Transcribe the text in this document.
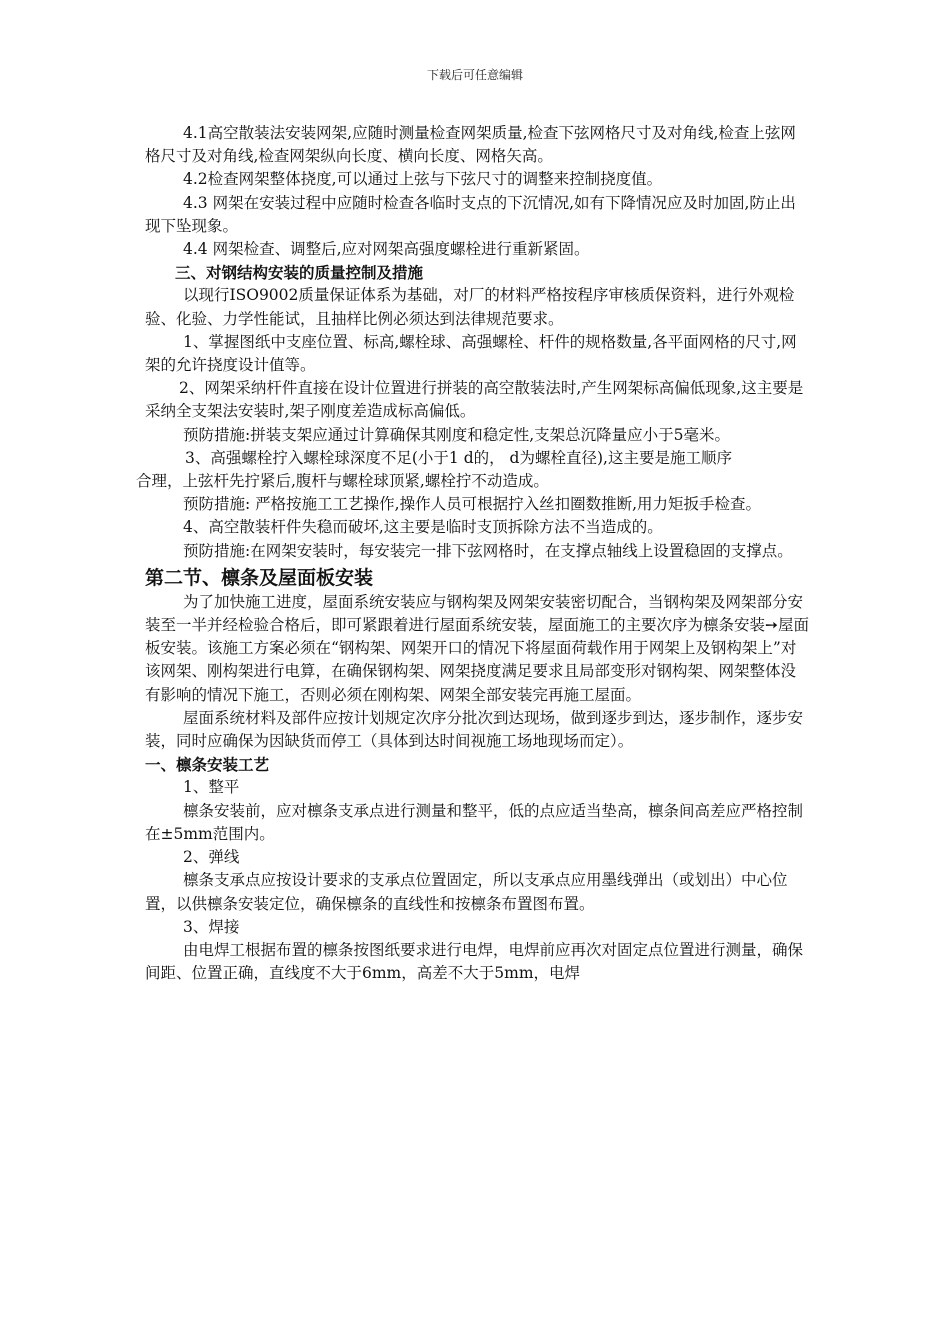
下载后可任意编辑

4.1高空散装法安装网架,应随时测量检查网架质量,检查下弦网格尺寸及对角线,检查上弦网格尺寸及对角线,检查网架纵向长度、横向长度、网格矢高。

4.2检查网架整体挠度,可以通过上弦与下弦尺寸的调整来控制挠度值。

4.3 网架在安装过程中应随时检查各临时支点的下沉情况,如有下降情况应及时加固,防止出现下坠现象。

4.4 网架检查、调整后,应对网架高强度螺栓进行重新紧固。

三、对钢结构安装的质量控制及措施

以现行ISO9002质量保证体系为基础，对厂的材料严格按程序审核质保资料，进行外观检验、化验、力学性能试，且抽样比例必须达到法律规范要求。

1、掌握图纸中支座位置、标高,螺栓球、高强螺栓、杆件的规格数量,各平面网格的尺寸,网架的允许挠度设计值等。

2、网架采纳杆件直接在设计位置进行拼装的高空散装法时,产生网架标高偏低现象,这主要是采纳全支架法安装时,架子刚度差造成标高偏低。

预防措施:拼装支架应通过计算确保其刚度和稳定性,支架总沉降量应小于5毫米。

3、高强螺栓拧入螺栓球深度不足(小于1 d的， d为螺栓直径),这主要是施工顺序

合理，上弦杆先拧紧后,腹杆与螺栓球顶紧,螺栓拧不动造成。

预防措施: 严格按施工工艺操作,操作人员可根据拧入丝扣圈数推断,用力矩扳手检查。

4、高空散装杆件失稳而破坏,这主要是临时支顶拆除方法不当造成的。

预防措施:在网架安装时，每安装完一排下弦网格时，在支撑点轴线上设置稳固的支撑点。

第二节、檩条及屋面板安装

为了加快施工进度，屋面系统安装应与钢构架及网架安装密切配合，当钢构架及网架部分安装至一半并经检验合格后，即可紧跟着进行屋面系统安装，屋面施工的主要次序为檩条安装➙屋面板安装。该施工方案必须在“钢构架、网架开口的情况下将屋面荷载作用于网架上及钢构架上”对该网架、刚构架进行电算，在确保钢构架、网架挠度满足要求且局部变形对钢构架、网架整体没有影响的情况下施工，否则必须在刚构架、网架全部安装完再施工屋面。

屋面系统材料及部件应按计划规定次序分批次到达现场，做到逐步到达，逐步制作，逐步安装，同时应确保为因缺货而停工（具体到达时间视施工场地现场而定）。

一、檩条安装工艺

1、整平

檩条安装前，应对檩条支承点进行测量和整平，低的点应适当垫高，檩条间高差应严格控制在±5mm范围内。

2、弹线

檩条支承点应按设计要求的支承点位置固定，所以支承点应用墨线弹出（或划出）中心位置，以供檩条安装定位，确保檩条的直线性和按檩条布置图布置。

3、焊接

由电焊工根据布置的檩条按图纸要求进行电焊，电焊前应再次对固定点位置进行测量，确保间距、位置正确，直线度不大于6mm，高差不大于5mm，电焊
